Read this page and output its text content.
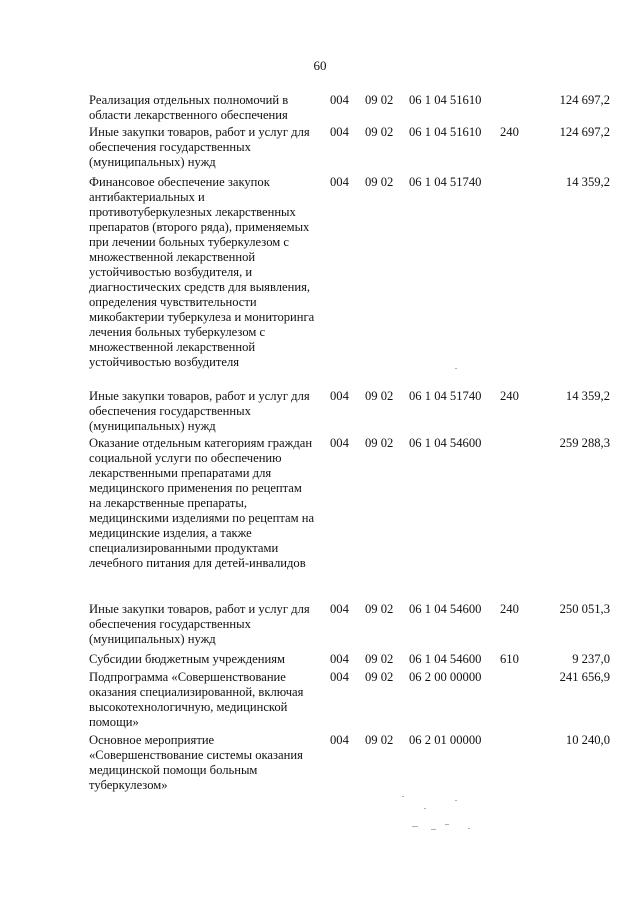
60
Реализация отдельных полномочий в области лекарственного обеспечения
004 09 02 06 1 04 51610	124 697,2
Иные закупки товаров, работ и услуг для обеспечения государственных (муниципальных) нужд
004 09 02 06 1 04 51610 240	124 697,2
Финансовое обеспечение закупок антибактериальных и противотуберкулезных лекарственных препаратов (второго ряда), применяемых при лечении больных туберкулезом с множественной лекарственной устойчивостью возбудителя, и диагностических средств для выявления, определения чувствительности микобактерии туберкулеза и мониторинга лечения больных туберкулезом с множественной лекарственной устойчивостью возбудителя
004 09 02 06 1 04 51740	14 359,2
Иные закупки товаров, работ и услуг для обеспечения государственных (муниципальных) нужд
004 09 02 06 1 04 51740 240	14 359,2
Оказание отдельным категориям граждан социальной услуги по обеспечению лекарственными препаратами для медицинского применения по рецептам на лекарственные препараты, медицинскими изделиями по рецептам на медицинские изделия, а также специализированными продуктами лечебного питания для детей-инвалидов
004 09 02 06 1 04 54600	259 288,3
Иные закупки товаров, работ и услуг для обеспечения государственных (муниципальных) нужд
004 09 02 06 1 04 54600 240	250 051,3
Субсидии бюджетным учреждениям	004 09 02 06 1 04 54600 610	9 237,0
Подпрограмма «Совершенствование оказания специализированной, включая высокотехнологичную, медицинской помощи»
004 09 02 06 2 00 00000	241 656,9
Основное мероприятие «Совершенствование системы оказания медицинской помощи больным туберкулезом»
004 09 02 06 2 01 00000	10 240,0
